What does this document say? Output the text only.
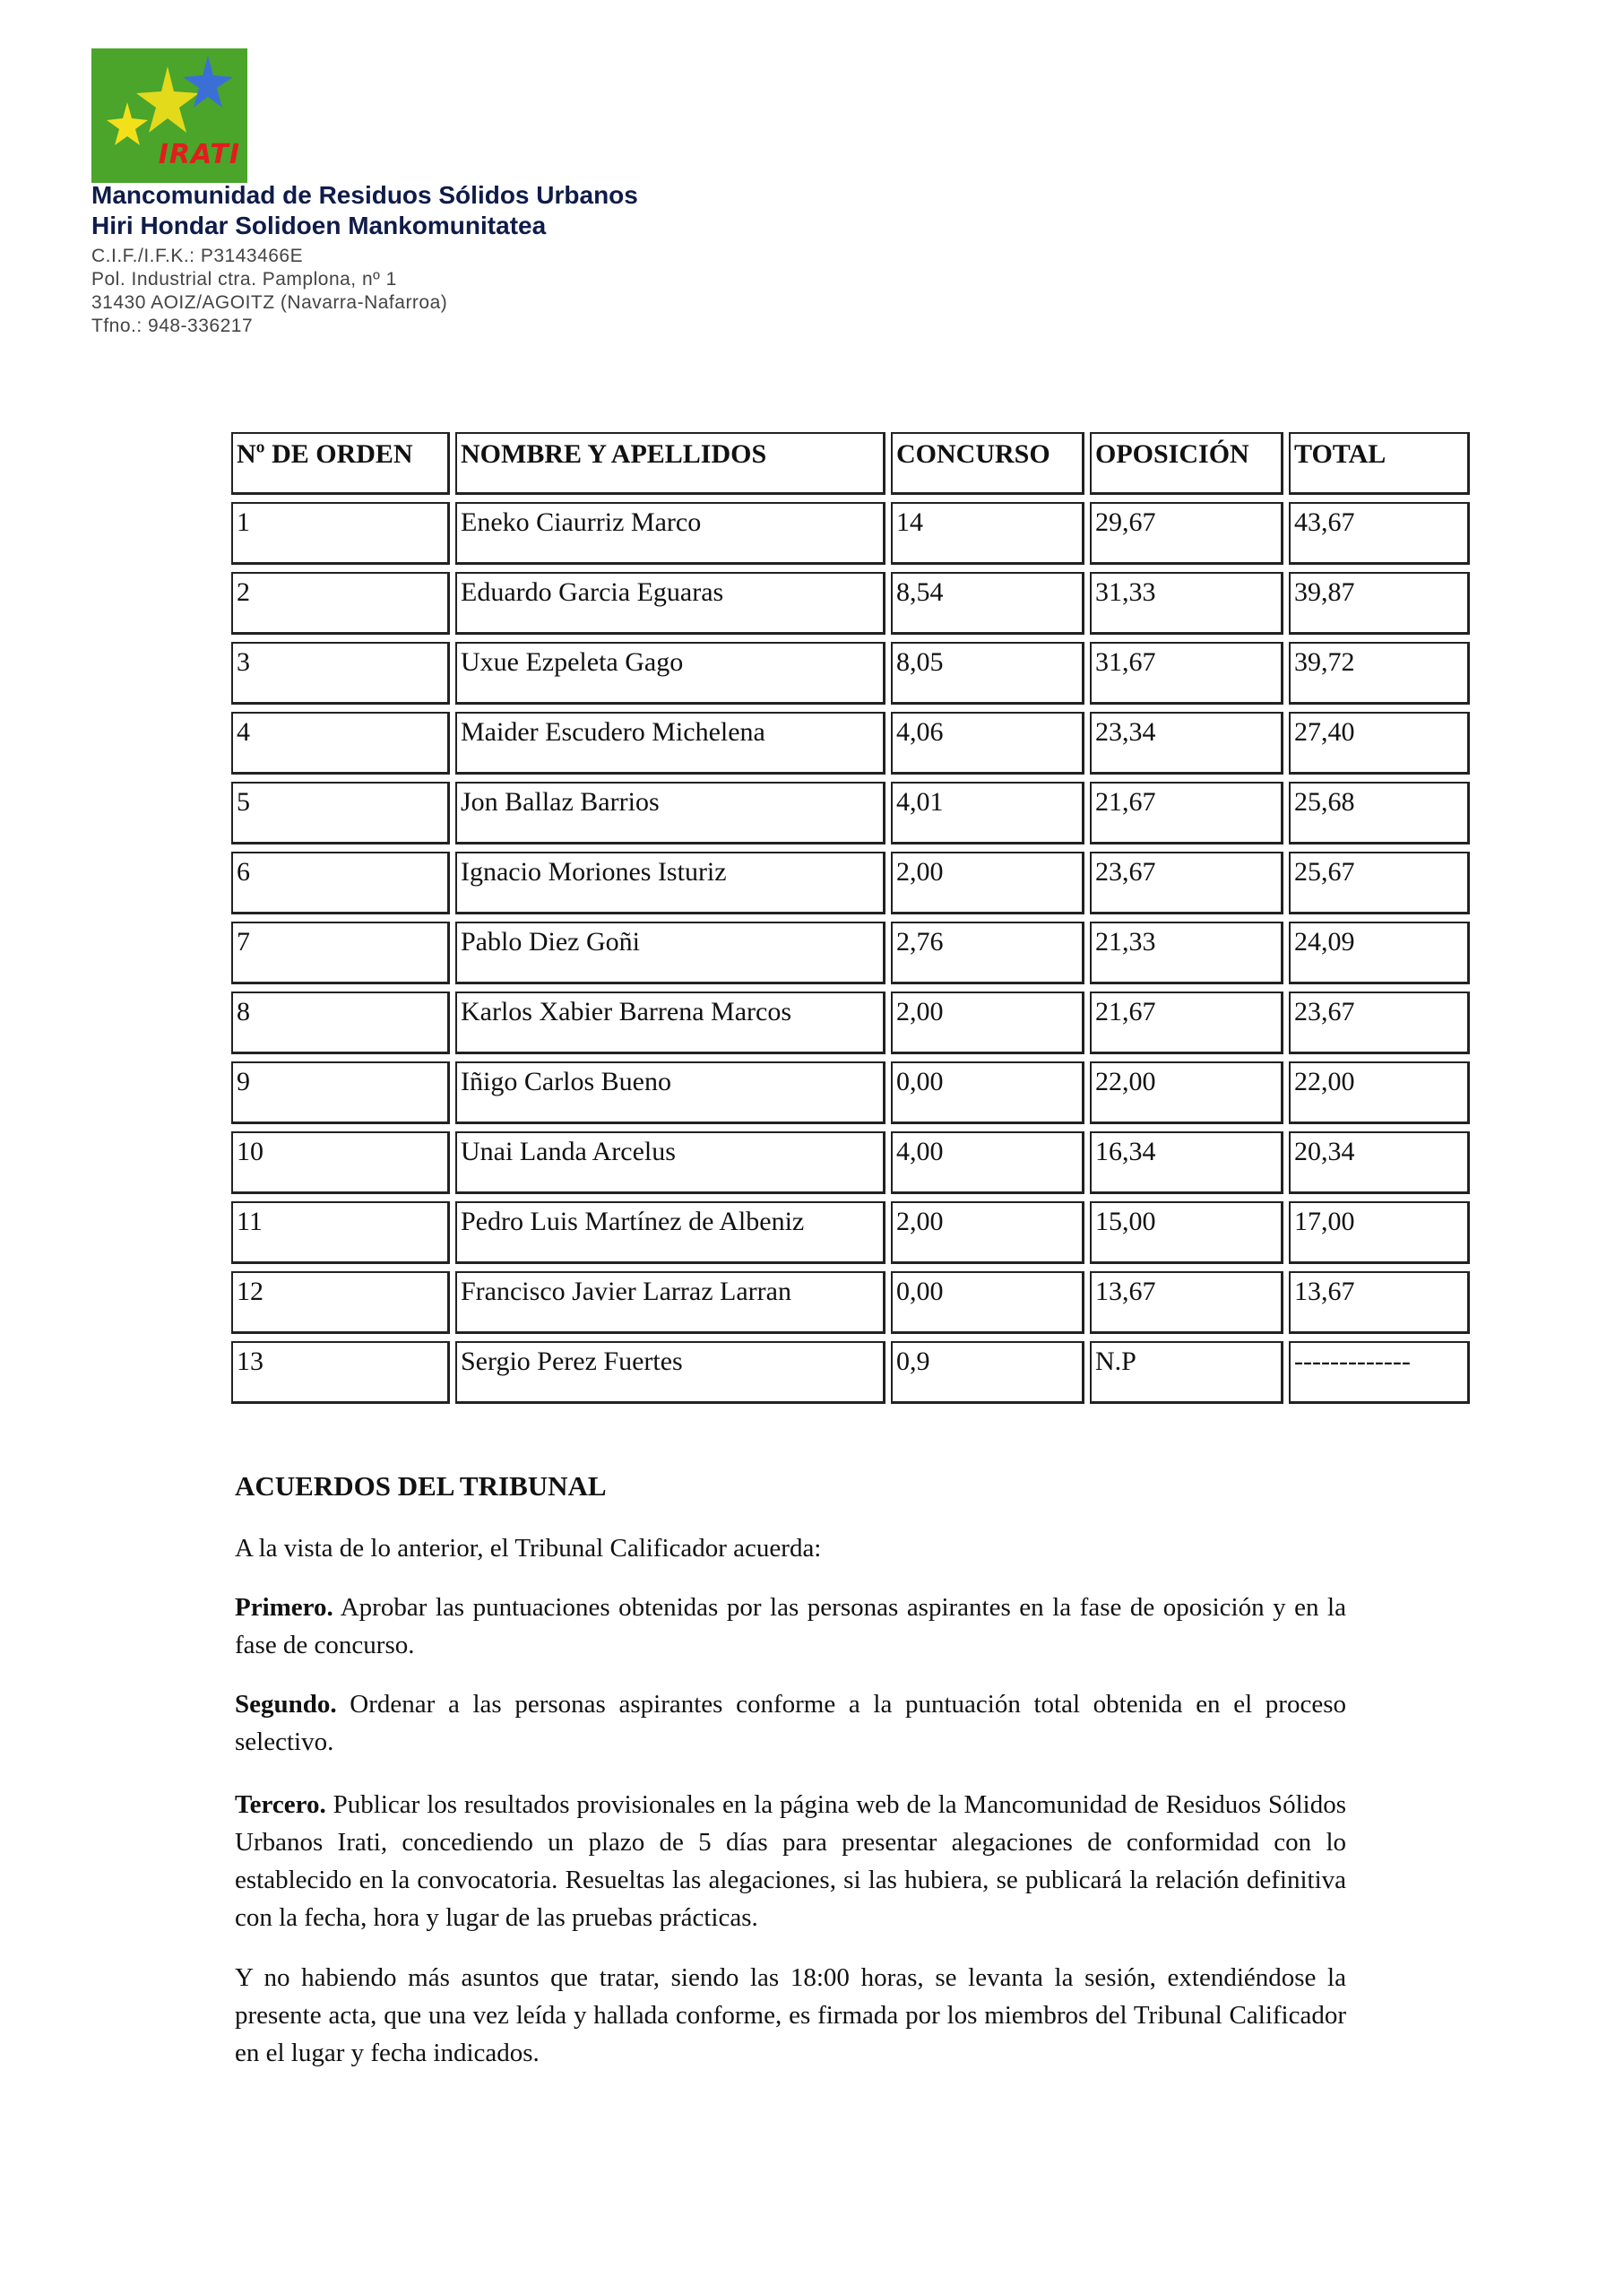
IRATI
Mancomunidad de Residuos Sólidos Urbanos
Hiri Hondar Solidoen Mankomunitatea
C.I.F./I.F.K.: P3143466E
Pol. Industrial ctra. Pamplona, nº 1
31430 AOIZ/AGOITZ (Navarra-Nafarroa)
Tfno.: 948-336217
Nº DE ORDEN	NOMBRE Y APELLIDOS	CONCURSO	OPOSICIÓN	TOTAL
1	Eneko Ciaurriz Marco	14	29,67	43,67
2	Eduardo Garcia Eguaras	8,54	31,33	39,87
3	Uxue Ezpeleta Gago	8,05	31,67	39,72
4	Maider Escudero Michelena	4,06	23,34	27,40
5	Jon Ballaz Barrios	4,01	21,67	25,68
6	Ignacio Moriones Isturiz	2,00	23,67	25,67
7	Pablo Diez Goñi	2,76	21,33	24,09
8	Karlos Xabier Barrena Marcos	2,00	21,67	23,67
9	Iñigo Carlos Bueno	0,00	22,00	22,00
10	Unai Landa Arcelus	4,00	16,34	20,34
11	Pedro Luis Martínez de Albeniz	2,00	15,00	17,00
12	Francisco Javier Larraz Larran	0,00	13,67	13,67
13	Sergio Perez Fuertes	0,9	N.P	-------------
ACUERDOS DEL TRIBUNAL
A la vista de lo anterior, el Tribunal Calificador acuerda:
Primero. Aprobar las puntuaciones obtenidas por las personas aspirantes en la fase de oposición y en la fase de concurso.
Segundo. Ordenar a las personas aspirantes conforme a la puntuación total obtenida en el proceso selectivo.
Tercero. Publicar los resultados provisionales en la página web de la Mancomunidad de Residuos Sólidos Urbanos Irati, concediendo un plazo de 5 días para presentar alegaciones de conformidad con lo establecido en la convocatoria. Resueltas las alegaciones, si las hubiera, se publicará la relación definitiva con la fecha, hora y lugar de las pruebas prácticas.
Y no habiendo más asuntos que tratar, siendo las 18:00 horas, se levanta la sesión, extendiéndose la presente acta, que una vez leída y hallada conforme, es firmada por los miembros del Tribunal Calificador en el lugar y fecha indicados.
